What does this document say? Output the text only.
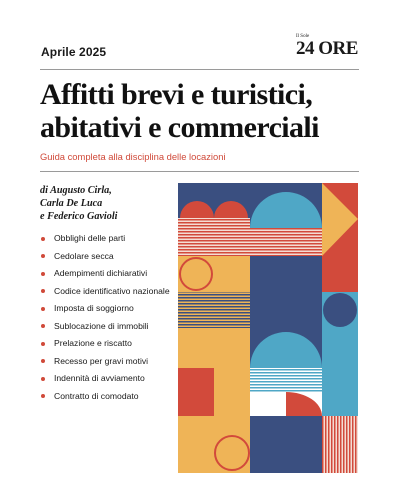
Aprile 2025
Il Sole
24 ORE
Affitti brevi e turistici,
abitativi e commerciali
Guida completa alla disciplina delle locazioni
di Augusto Cirla,
Carla De Luca
e Federico Gavioli
Obblighi delle parti
Cedolare secca
Adempimenti dichiarativi
Codice identificativo nazionale
Imposta di soggiorno
Sublocazione di immobili
Prelazione e riscatto
Recesso per gravi motivi
Indennità di avviamento
Contratto di comodato
